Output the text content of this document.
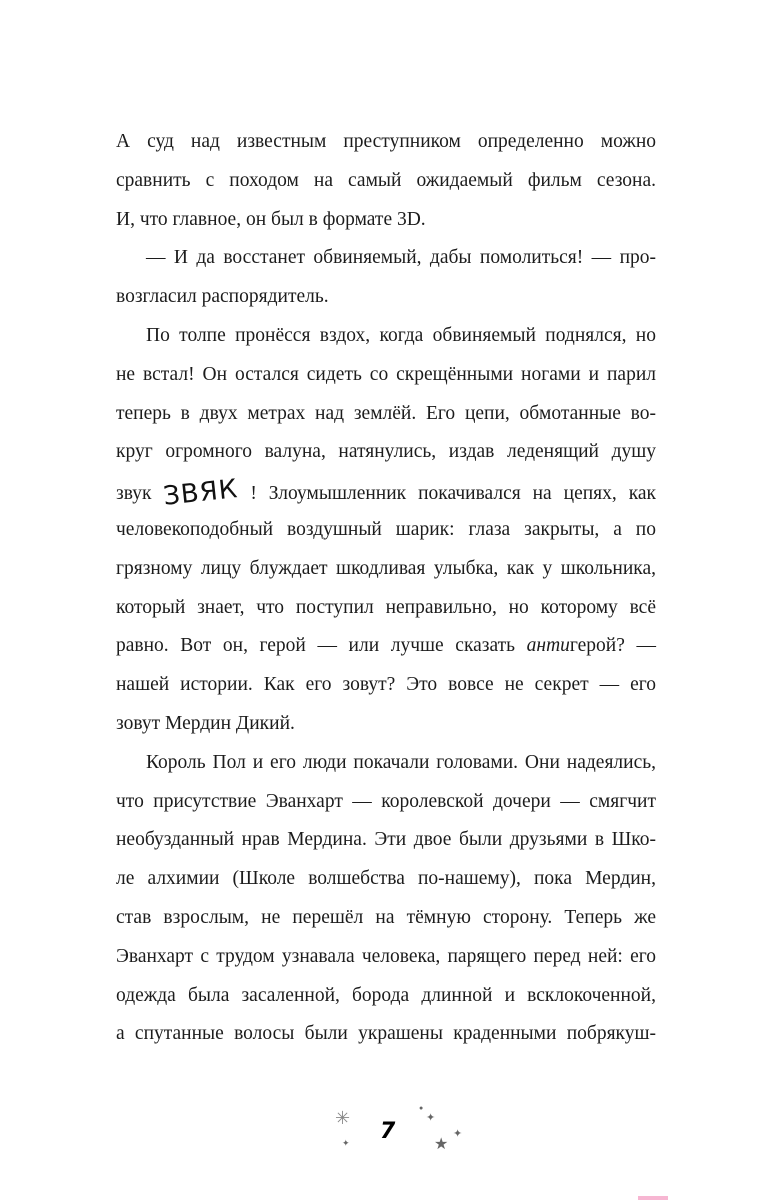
А суд над известным преступником определенно можно
сравнить с походом на самый ожидаемый фильм сезона.
И, что главное, он был в формате 3D.
— И да восстанет обвиняемый, дабы помолиться! — про-
возгласил распорядитель.
По толпе пронёсся вздох, когда обвиняемый поднялся, но
не встал! Он остался сидеть со скрещёнными ногами и парил
теперь в двух метрах над землёй. Его цепи, обмотанные во-
круг огромного валуна, натянулись, издав леденящий душу
звук ЗВЯК ! Злоумышленник покачивался на цепях, как
человекоподобный воздушный шарик: глаза закрыты, а по
грязному лицу блуждает шкодливая улыбка, как у школьника,
который знает, что поступил неправильно, но которому всё
равно. Вот он, герой — или лучше сказать антигерой? —
нашей истории. Как его зовут? Это вовсе не секрет — его
зовут Мердин Дикий.
Король Пол и его люди покачали головами. Они надеялись,
что присутствие Эванхарт — королевской дочери — смягчит
необузданный нрав Мердина. Эти двое были друзьями в Шко-
ле алхимии (Школе волшебства по-нашему), пока Мердин,
став взрослым, не перешёл на тёмную сторону. Теперь же
Эванхарт с трудом узнавала человека, парящего перед ней: его
одежда была засаленной, борода длинной и всклокоченной,
а спутанные волосы были украшены краденными побрякуш-
✳
✦
●
✦
✦
★
7
